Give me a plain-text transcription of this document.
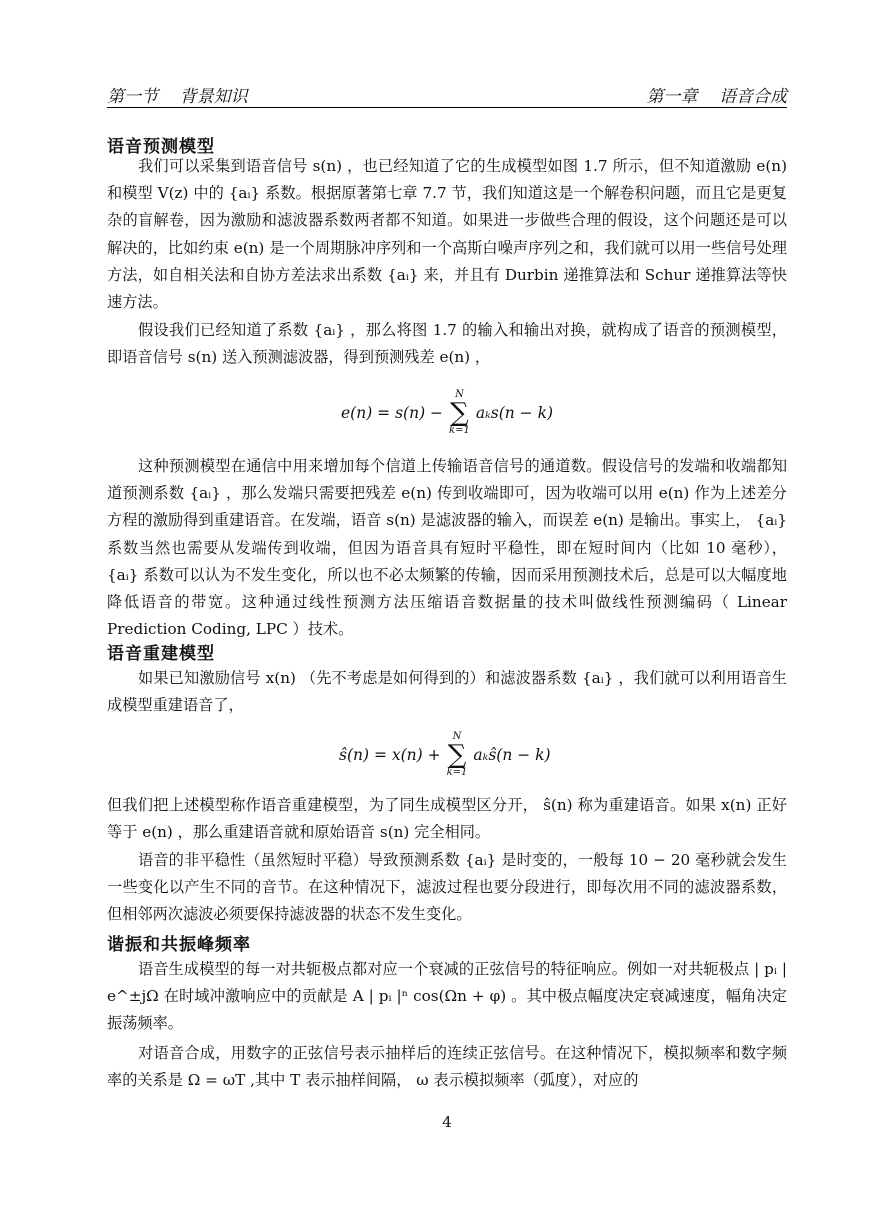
第一节    背景知识	第一章    语音合成
语音预测模型

我们可以采集到语音信号 s(n) ，也已经知道了它的生成模型如图 1.7 所示，但不知道激励 e(n) 和模型 V(z) 中的 {aᵢ} 系数。根据原著第七章 7.7 节，我们知道这是一个解卷积问题，而且它是更复杂的盲解卷，因为激励和滤波器系数两者都不知道。如果进一步做些合理的假设，这个问题还是可以解决的，比如约束 e(n) 是一个周期脉冲序列和一个高斯白噪声序列之和，我们就可以用一些信号处理方法，如自相关法和自协方差法求出系数 {aᵢ} 来，并且有 Durbin 递推算法和 Schur 递推算法等快速方法。

假设我们已经知道了系数 {aᵢ} ，那么将图 1.7 的输入和输出对换，就构成了语音的预测模型，即语音信号 s(n) 送入预测滤波器，得到预测残差 e(n) ，

e(n) = s(n) −
N
∑
k=1
aₖs(n − k)

这种预测模型在通信中用来增加每个信道上传输语音信号的通道数。假设信号的发端和收端都知道预测系数 {aᵢ} ，那么发端只需要把残差 e(n) 传到收端即可，因为收端可以用 e(n) 作为上述差分方程的激励得到重建语音。在发端，语音 s(n) 是滤波器的输入，而误差 e(n) 是输出。事实上， {aᵢ} 系数当然也需要从发端传到收端，但因为语音具有短时平稳性，即在短时间内（比如 10 毫秒）， {aᵢ} 系数可以认为不发生变化，所以也不必太频繁的传输，因而采用预测技术后，总是可以大幅度地降低语音的带宽。这种通过线性预测方法压缩语音数据量的技术叫做线性预测编码（ Linear Prediction Coding, LPC ）技术。

语音重建模型

如果已知激励信号 x(n) （先不考虑是如何得到的）和滤波器系数 {aᵢ} ，我们就可以利用语音生成模型重建语音了，

ŝ(n) = x(n) +
N
∑
k=1
aₖŝ(n − k)

但我们把上述模型称作语音重建模型，为了同生成模型区分开， ŝ(n) 称为重建语音。如果 x(n) 正好等于 e(n) ，那么重建语音就和原始语音 s(n) 完全相同。

语音的非平稳性（虽然短时平稳）导致预测系数 {aᵢ} 是时变的，一般每 10 − 20 毫秒就会发生一些变化以产生不同的音节。在这种情况下，滤波过程也要分段进行，即每次用不同的滤波器系数，但相邻两次滤波必须要保持滤波器的状态不发生变化。

谐振和共振峰频率

语音生成模型的每一对共轭极点都对应一个衰减的正弦信号的特征响应。例如一对共轭极点 | pᵢ | e^±jΩ 在时域冲激响应中的贡献是 A | pᵢ |ⁿ cos(Ωn + φ) 。其中极点幅度决定衰减速度，幅角决定振荡频率。

对语音合成，用数字的正弦信号表示抽样后的连续正弦信号。在这种情况下，模拟频率和数字频率的关系是 Ω = ωT ,其中 T 表示抽样间隔， ω 表示模拟频率（弧度），对应的

4
